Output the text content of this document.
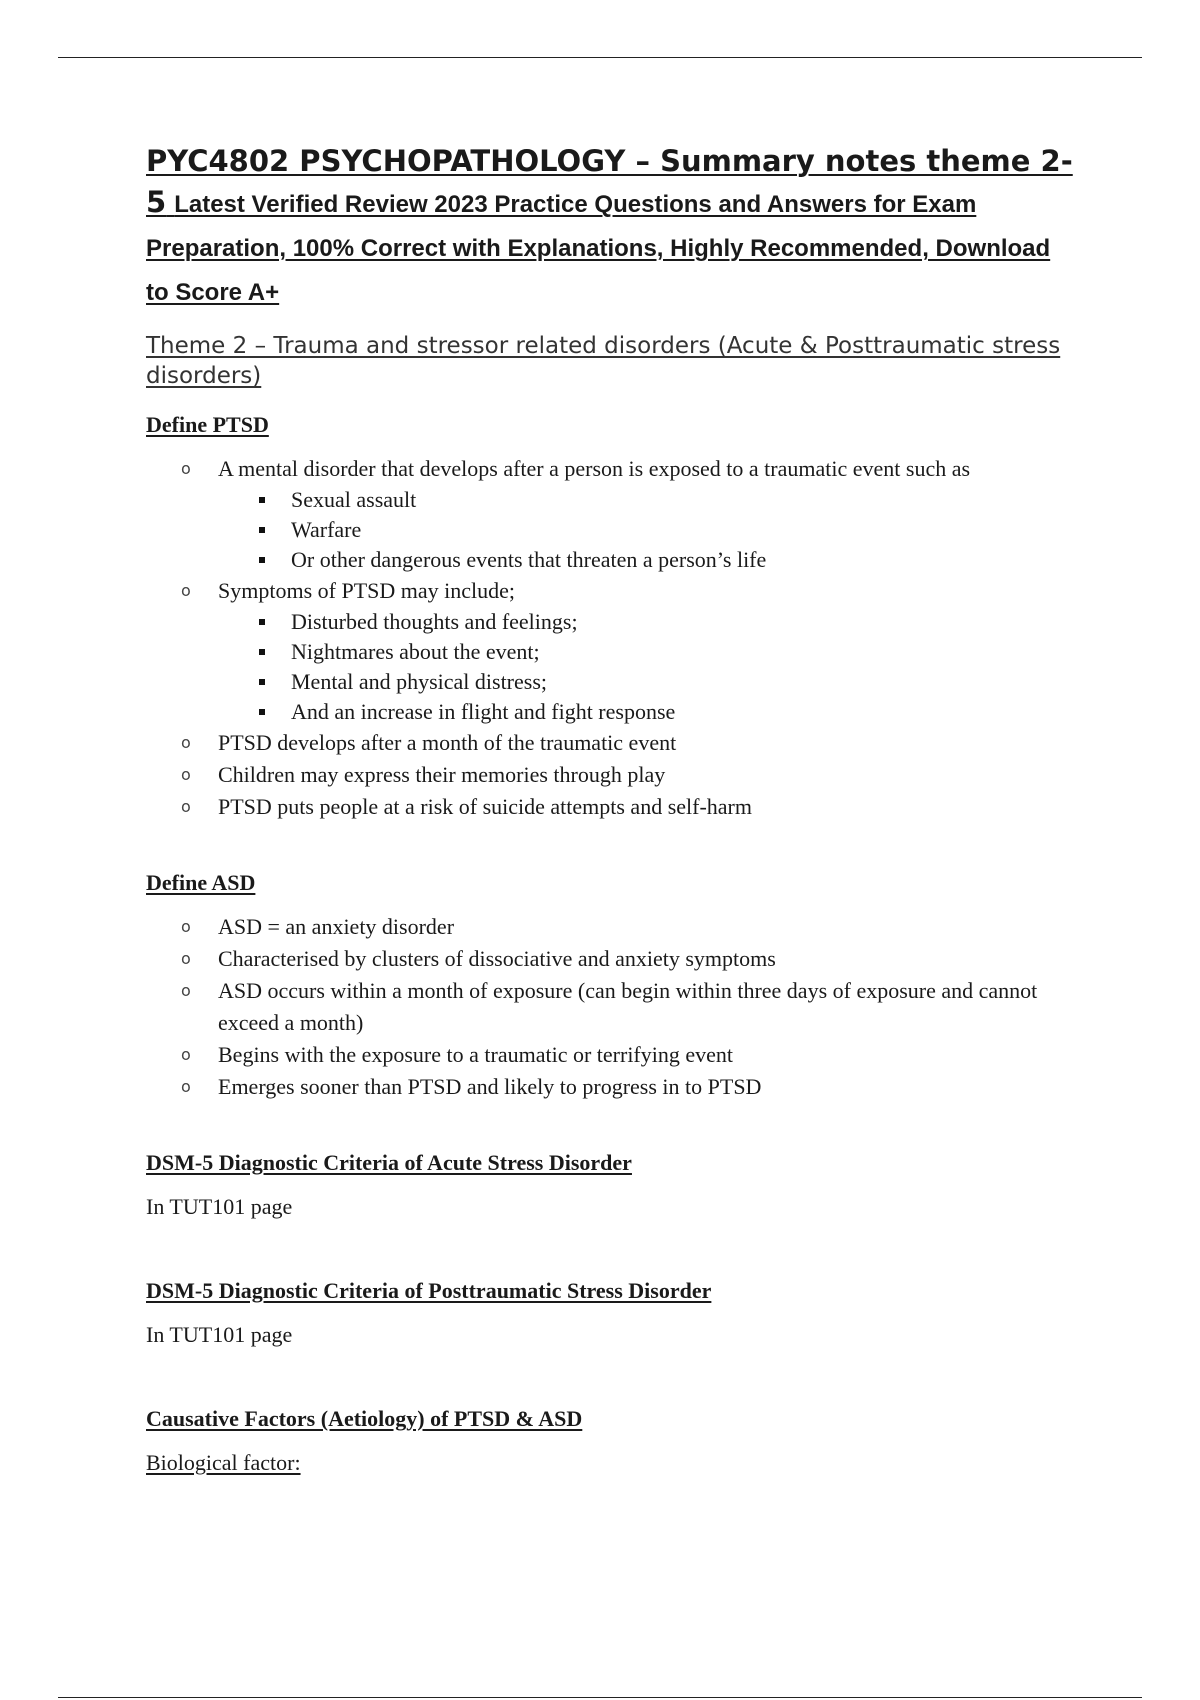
PYC4802 PSYCHOPATHOLOGY – Summary notes theme 2- 5 Latest Verified Review 2023 Practice Questions and Answers for Exam Preparation, 100% Correct with Explanations, Highly Recommended, Download to Score A+
Theme 2 – Trauma and stressor related disorders (Acute & Posttraumatic stress disorders)
Define PTSD
o A mental disorder that develops after a person is exposed to a traumatic event such as
Sexual assault
Warfare
Or other dangerous events that threaten a person’s life
o Symptoms of PTSD may include;
Disturbed thoughts and feelings;
Nightmares about the event;
Mental and physical distress;
And an increase in flight and fight response
o PTSD develops after a month of the traumatic event
o Children may express their memories through play
o PTSD puts people at a risk of suicide attempts and self-harm
Define ASD
o ASD = an anxiety disorder
o Characterised by clusters of dissociative and anxiety symptoms
o ASD occurs within a month of exposure (can begin within three days of exposure and cannot exceed a month)
o Begins with the exposure to a traumatic or terrifying event
o Emerges sooner than PTSD and likely to progress in to PTSD
DSM-5 Diagnostic Criteria of Acute Stress Disorder

In TUT101 page

DSM-5 Diagnostic Criteria of Posttraumatic Stress Disorder

In TUT101 page

Causative Factors (Aetiology) of PTSD & ASD

Biological factor:
